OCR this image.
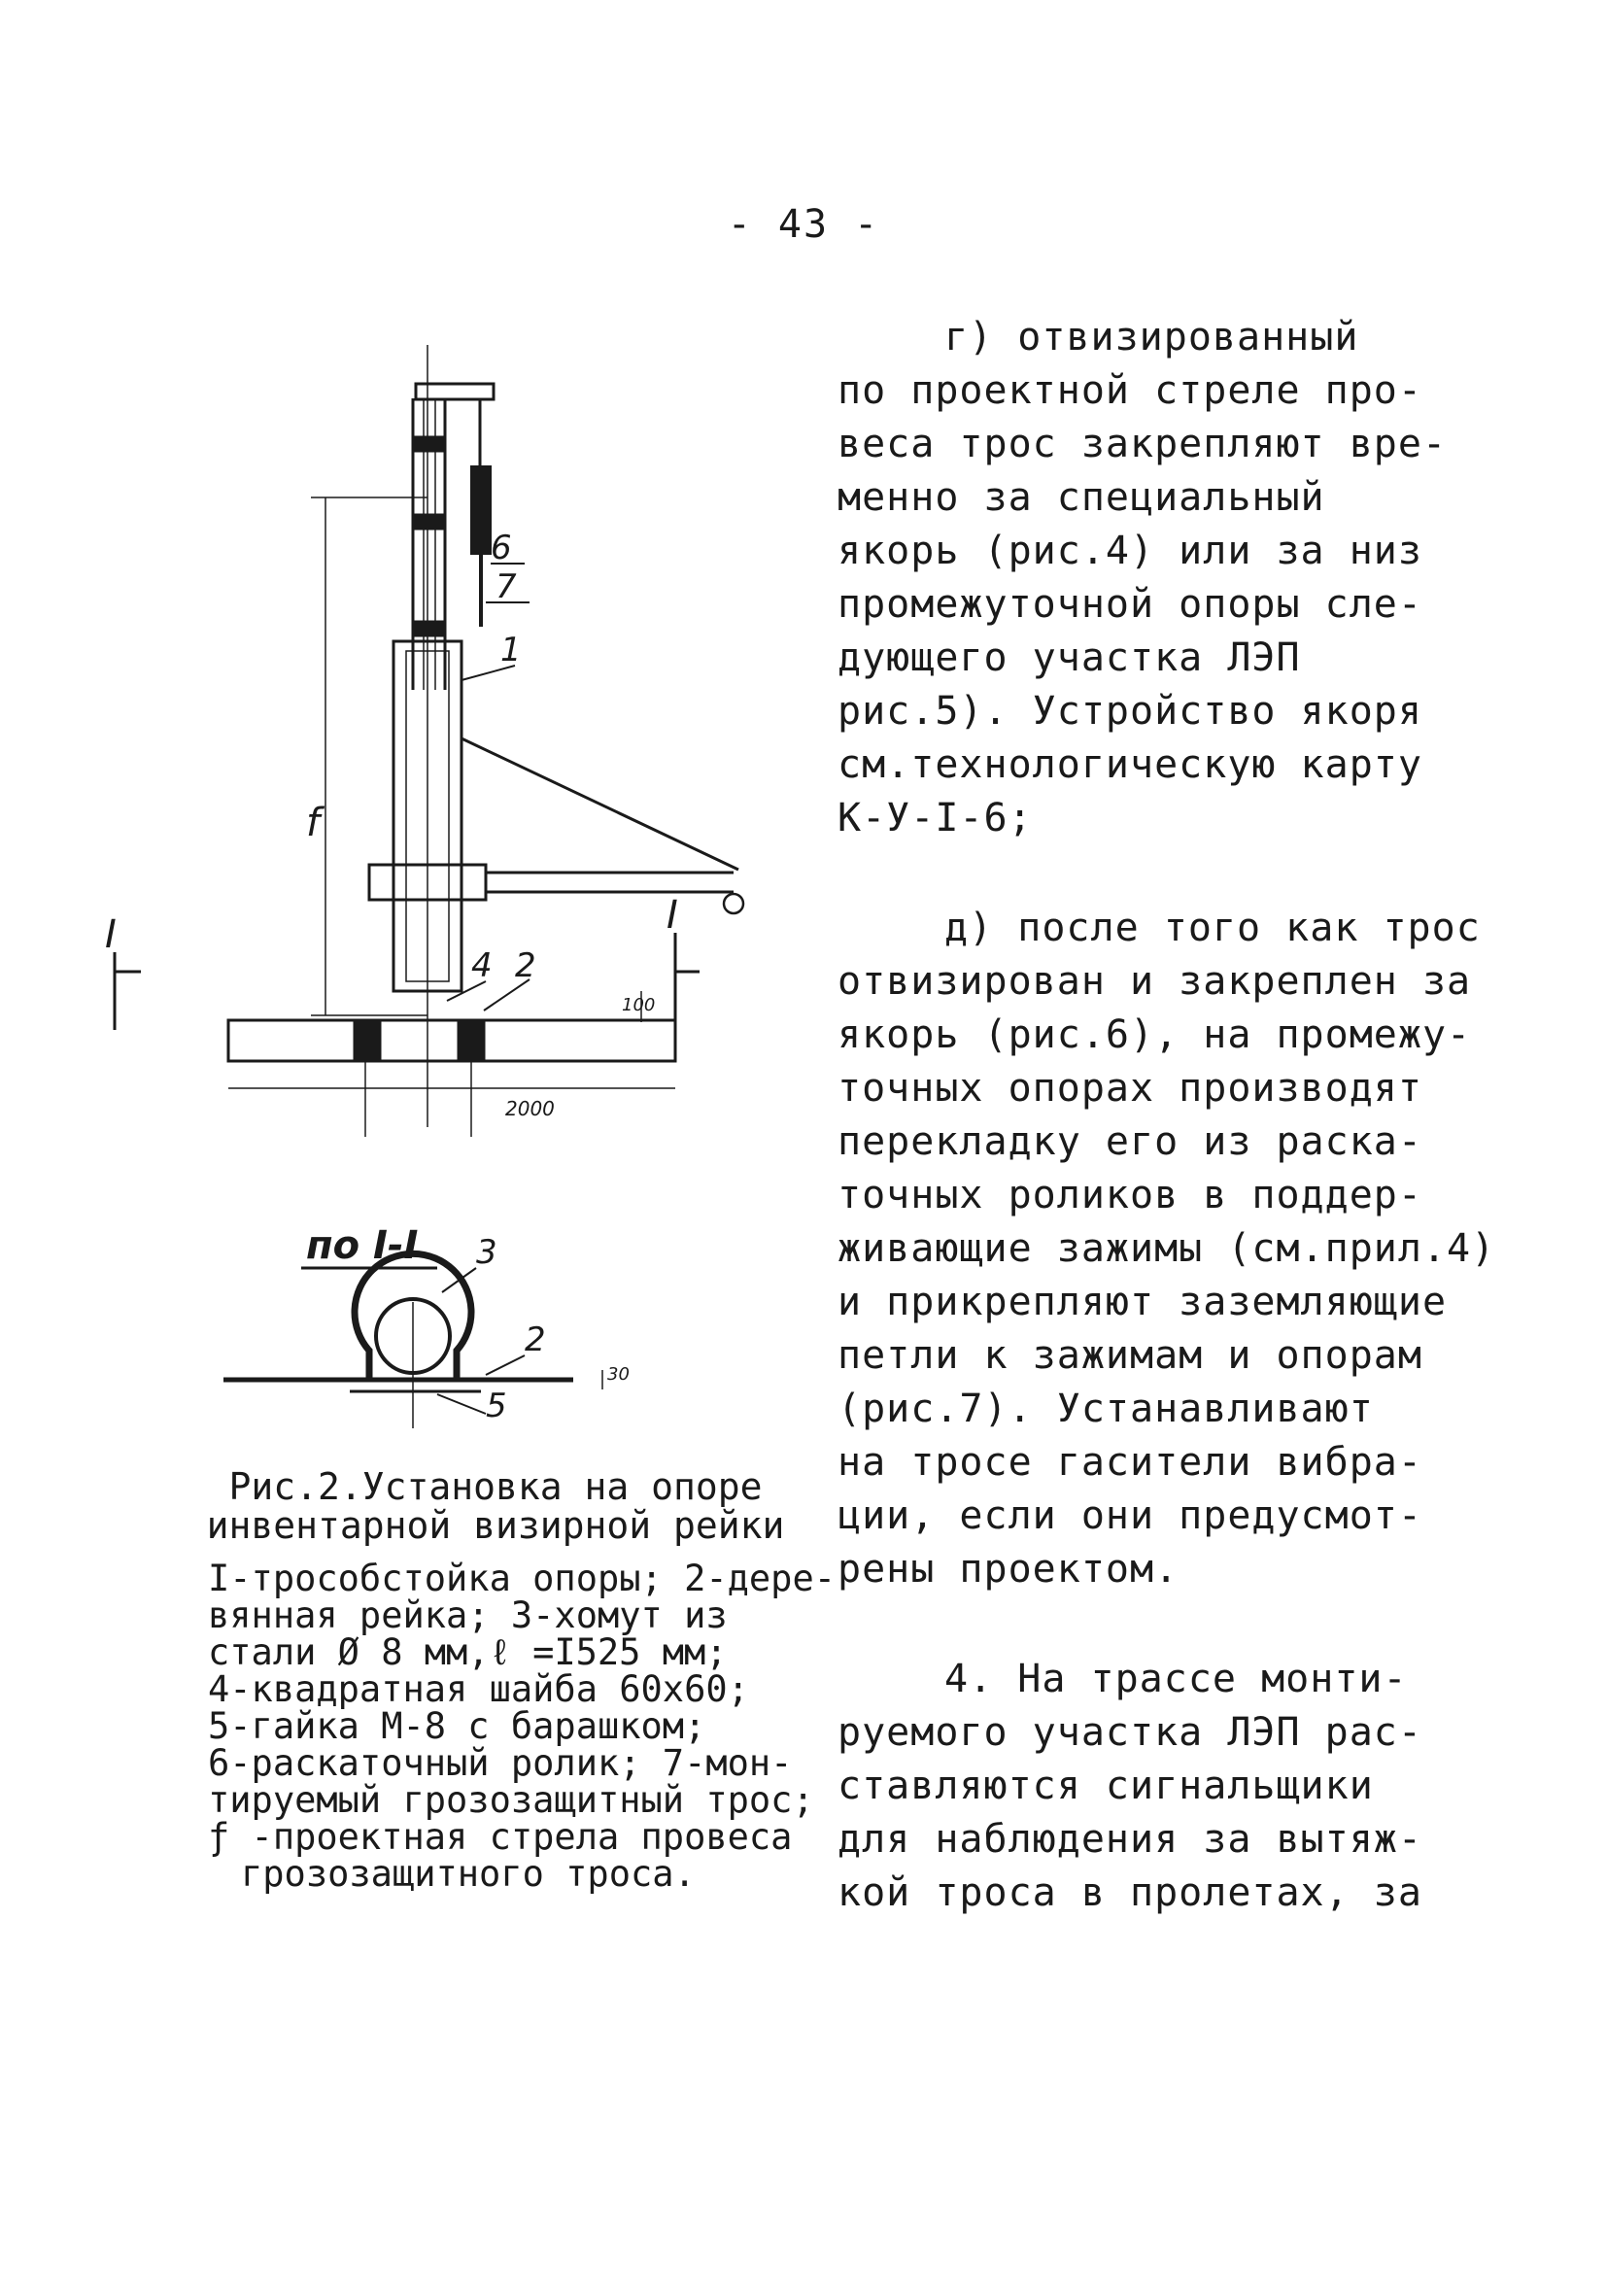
- 43 -
6
7
1
4 2
f
2000
100
I	I
по I-I 3
2
5
30
Рис.2.Установка на опоре
инвентарной визирной рейки
I-трособстойка опоры; 2-дере-
вянная рейка; 3-хомут из
стали Ø 8 мм,ℓ =I525 мм;
4-квадратная шайба 60х60;
5-гайка М-8 с барашком;
6-раскаточный ролик; 7-мон-
тируемый грозозащитный трос;
ƒ -проектная стрела провеса
грозозащитного троса.
г) отвизированный
по проектной стреле про-
веса трос закрепляют вре-
менно за специальный
якорь (рис.4) или за низ
промежуточной опоры сле-
дующего участка ЛЭП
рис.5). Устройство якоря
см.технологическую карту
К-У-I-6;
д) после того как трос
отвизирован и закреплен за
якорь (рис.6), на промежу-
точных опорах производят
перекладку его из раска-
точных роликов в поддер-
живающие зажимы (см.прил.4)
и прикрепляют заземляющие
петли к зажимам и опорам
(рис.7). Устанавливают
на тросе гасители вибра-
ции, если они предусмот-
рены проектом.
4. На трассе монти-
руемого участка ЛЭП рас-
ставляются сигнальщики
для наблюдения за вытяж-
кой троса в пролетах, за
